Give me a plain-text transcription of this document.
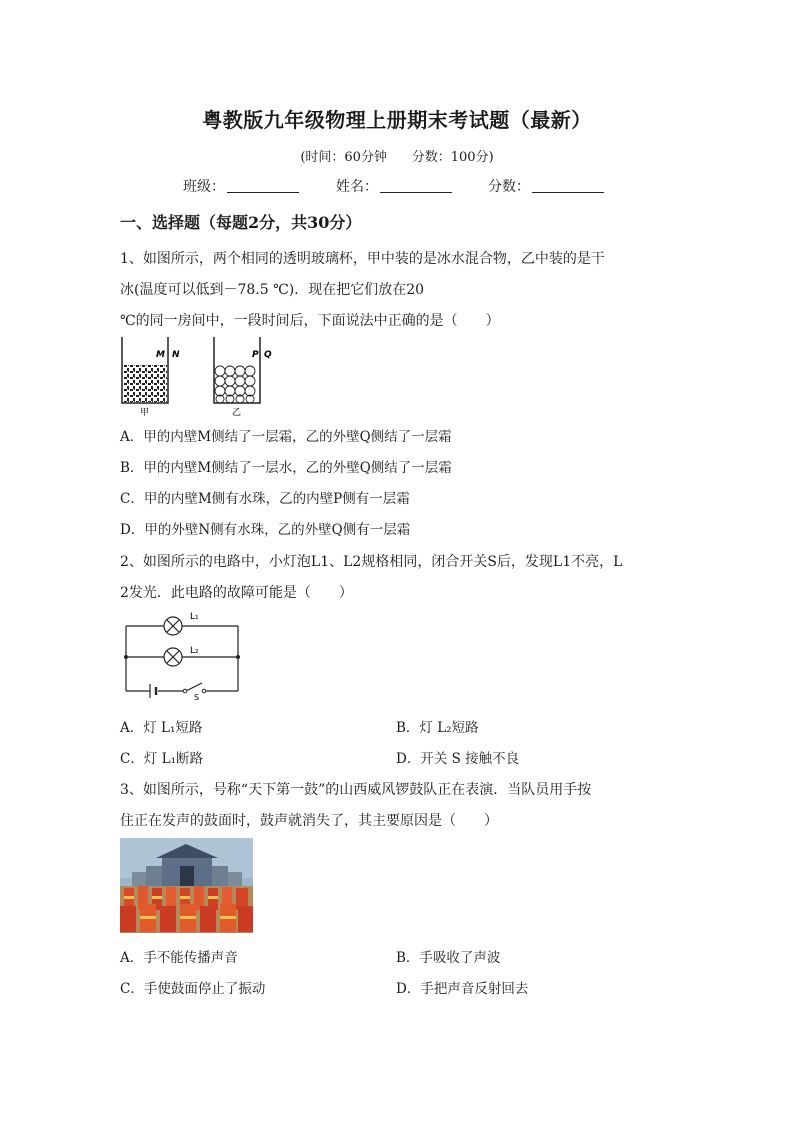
粤教版九年级物理上册期末考试题（最新）
(时间：60分钟 分数：100分)
班级：	姓名：	分数：
一、选择题（每题2分，共30分）
1、如图所示，两个相同的透明玻璃杯，甲中装的是冰水混合物，乙中装的是干
冰(温度可以低到－78.5 ℃)．现在把它们放在20
℃的同一房间中，一段时间后，下面说法中正确的是（　　）
M N
甲
P Q
乙
A．甲的内壁M侧结了一层霜，乙的外壁Q侧结了一层霜
B．甲的内壁M侧结了一层水，乙的外壁Q侧结了一层霜
C．甲的内壁M侧有水珠，乙的内壁P侧有一层霜
D．甲的外壁N侧有水珠，乙的外壁Q侧有一层霜
2、如图所示的电路中，小灯泡L1、L2规格相同，闭合开关S后，发现L1不亮，L
2发光．此电路的故障可能是（　　）
L₁
L₂
S
A．灯 L₁短路	B．灯 L₂短路
C．灯 L₁断路	D．开关 S 接触不良
3、如图所示，号称“天下第一鼓”的山西威风锣鼓队正在表演．当队员用手按
住正在发声的鼓面时，鼓声就消失了，其主要原因是（　　）
A．手不能传播声音	B．手吸收了声波
C．手使鼓面停止了振动	D．手把声音反射回去
